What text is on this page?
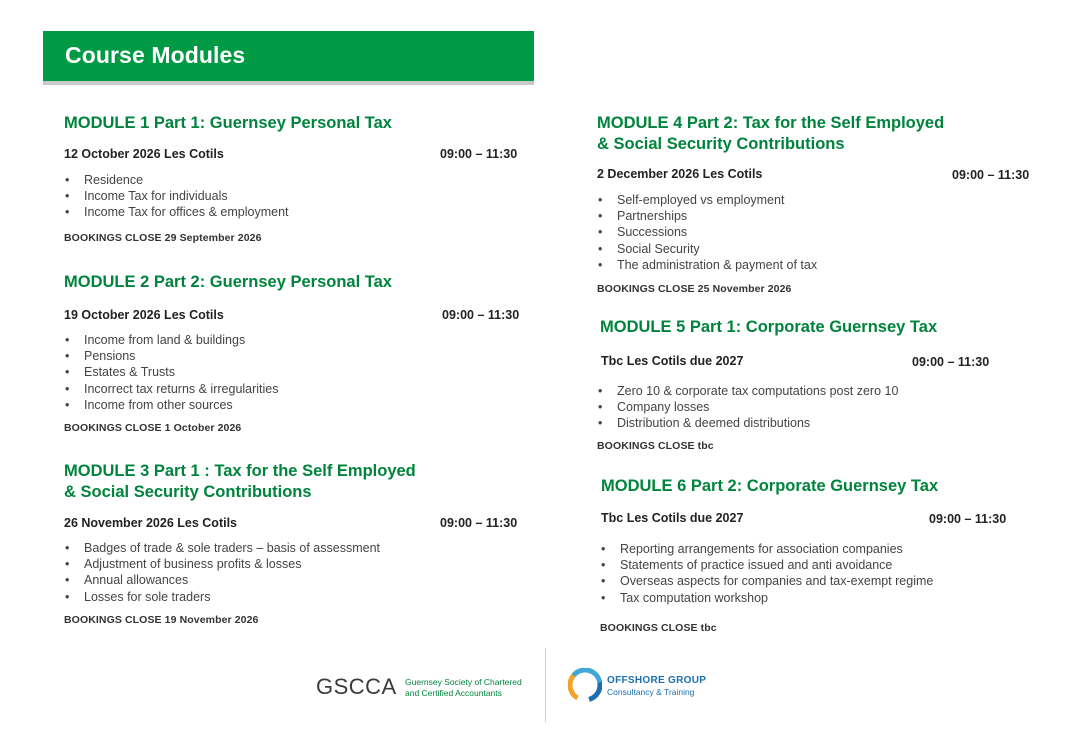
Course Modules
MODULE 1 Part 1: Guernsey Personal Tax
12 October 2026 Les Cotils	09:00 – 11:30
• Residence
• Income Tax for individuals
• Income Tax for offices & employment
BOOKINGS CLOSE 29 September 2026
MODULE 2 Part 2: Guernsey Personal Tax
19 October 2026 Les Cotils	09:00 – 11:30
• Income from land & buildings
• Pensions
• Estates & Trusts
• Incorrect tax returns & irregularities
• Income from other sources
BOOKINGS CLOSE 1 October 2026
MODULE 3 Part 1 : Tax for the Self Employed
& Social Security Contributions
26 November 2026 Les Cotils	09:00 – 11:30
• Badges of trade & sole traders – basis of assessment
• Adjustment of business profits & losses
• Annual allowances
• Losses for sole traders
BOOKINGS CLOSE 19 November 2026
MODULE 4 Part 2: Tax for the Self Employed
& Social Security Contributions
2 December 2026 Les Cotils	09:00 – 11:30
• Self-employed vs employment
• Partnerships
• Successions
• Social Security
• The administration & payment of tax
BOOKINGS CLOSE 25 November 2026
MODULE 5 Part 1: Corporate Guernsey Tax
Tbc Les Cotils due 2027	09:00 – 11:30
• Zero 10 & corporate tax computations post zero 10
• Company losses
• Distribution & deemed distributions
BOOKINGS CLOSE tbc
MODULE 6 Part 2: Corporate Guernsey Tax
Tbc Les Cotils due 2027	09:00 – 11:30
• Reporting arrangements for association companies
• Statements of practice issued and anti avoidance
• Overseas aspects for companies and tax-exempt regime
• Tax computation workshop
BOOKINGS CLOSE tbc
GSCCA Guernsey Society of Chartered
and Certified Accountants
OFFSHORE GROUP
Consultancy & Training
